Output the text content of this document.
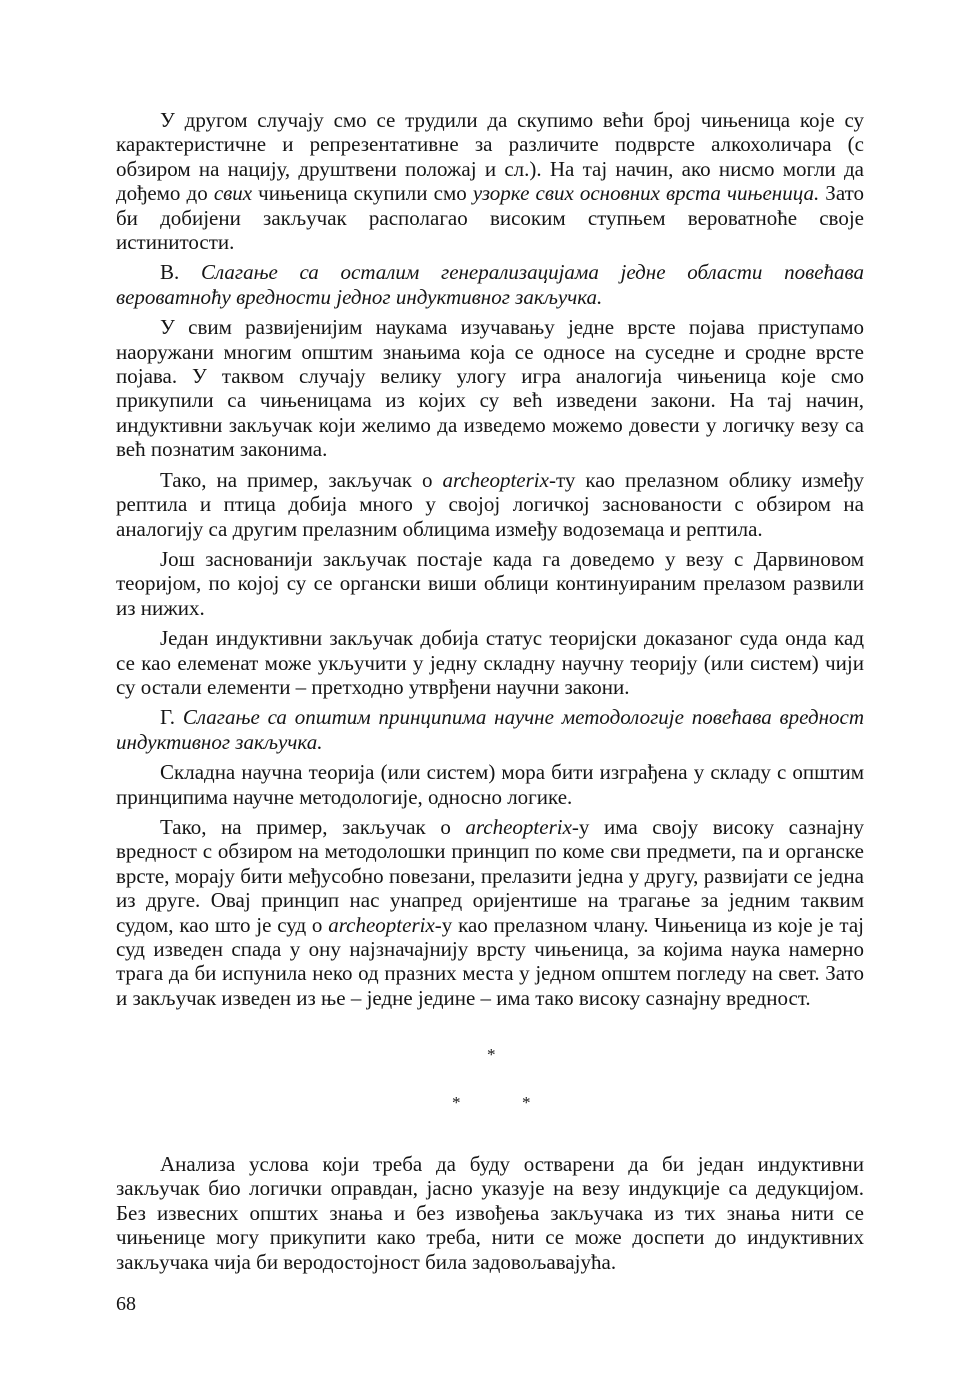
У другом случају смо се трудили да скупимо већи број чињеница које су карактеристичне и репрезентативне за различите подврсте алкохоличара (с обзиром на нацију, друштвени положај и сл.). На тај начин, ако нисмо могли да дођемо до свих чињеница скупили смо узорке свих основних врста чињеница. Зато би добијени закључак располагао високим ступњем вероватноће своје истинитости.

В. Слагање са осталим генерализацијама једне области повећава вероватноћу вредности једног индуктивног закључка.

У свим развијенијим наукама изучавању једне врсте појава приступамо наоружани многим општим знањима која се односе на суседне и сродне врсте појава. У таквом случају велику улогу игра аналогија чињеница које смо прикупили са чињеницама из којих су већ изведени закони. На тај начин, индуктивни закључак који желимо да изведемо можемо довести у логичку везу са већ познатим законима.

Тако, на пример, закључак о archeopterix-ту као прелазном облику између рептила и птица добија много у својој логичкој заснованости с обзиром на аналогију са другим прелазним облицима између водоземаца и рептила.

Још заснованији закључак постаје када га доведемо у везу с Дарвиновом теоријом, по којој су се органски виши облици континуираним прелазом развили из нижих.

Један индуктивни закључак добија статус теоријски доказаног суда онда кад се као елеменат може укључити у једну складну научну теорију (или систем) чији су остали елементи – претходно утврђени научни закони.

Г. Слагање са општим принципима научне методологије повећава вредност индуктивног закључка.

Складна научна теорија (или систем) мора бити изграђена у складу с општим принципима научне методологије, односно логике.

Тако, на пример, закључак о archeopterix-у има своју високу сазнајну вредност с обзиром на методолошки принцип по коме сви предмети, па и органске врсте, морају бити међусобно повезани, прелазити једна у другу, развијати се једна из друге. Овај принцип нас унапред оријентише на трагање за једним таквим судом, као што је суд о archeopterix-у као прелазном члану. Чињеница из које је тај суд изведен спада у ону најзначајнију врсту чињеница, за којима наука намерно трага да би испунила неко од празних места у једном општем погледу на свет. Зато и закључак изведен из ње – једне једине – има тако високу сазнајну вредност.

*
*	*

Анализа услова који треба да буду остварени да би један индуктивни закључак био логички оправдан, јасно указује на везу индукције са дедукцијом. Без извесних општих знања и без извођења закључака из тих знања нити се чињенице могу прикупити како треба, нити се може доспети до индуктивних закључака чија би веродостојност била задовољавајућа.

68
